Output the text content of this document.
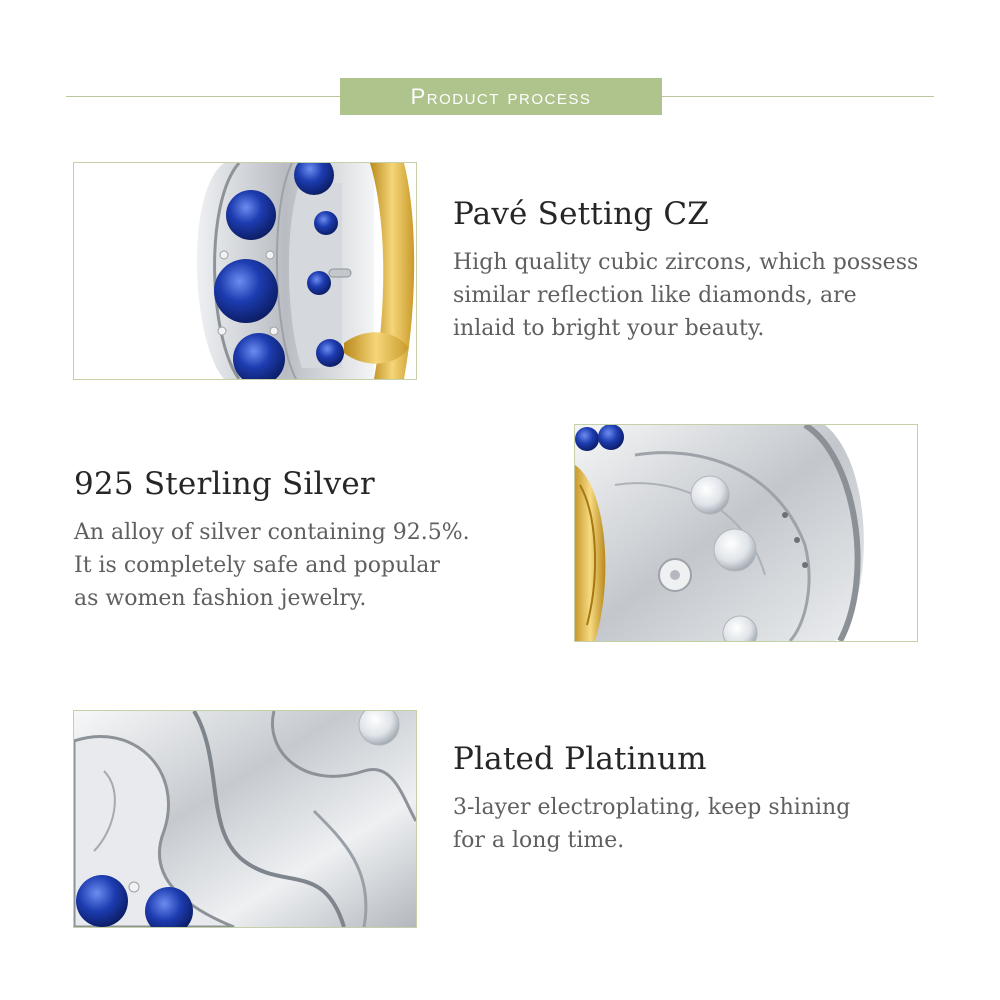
Product process
Pavé Setting CZ

High quality cubic zircons, which possess
similar reflection like diamonds, are
inlaid to bright your beauty.

925 Sterling Silver

An alloy of silver containing 92.5%.
It is completely safe and popular
as women fashion jewelry.

Plated Platinum

3-layer electroplating, keep shining
for a long time.
